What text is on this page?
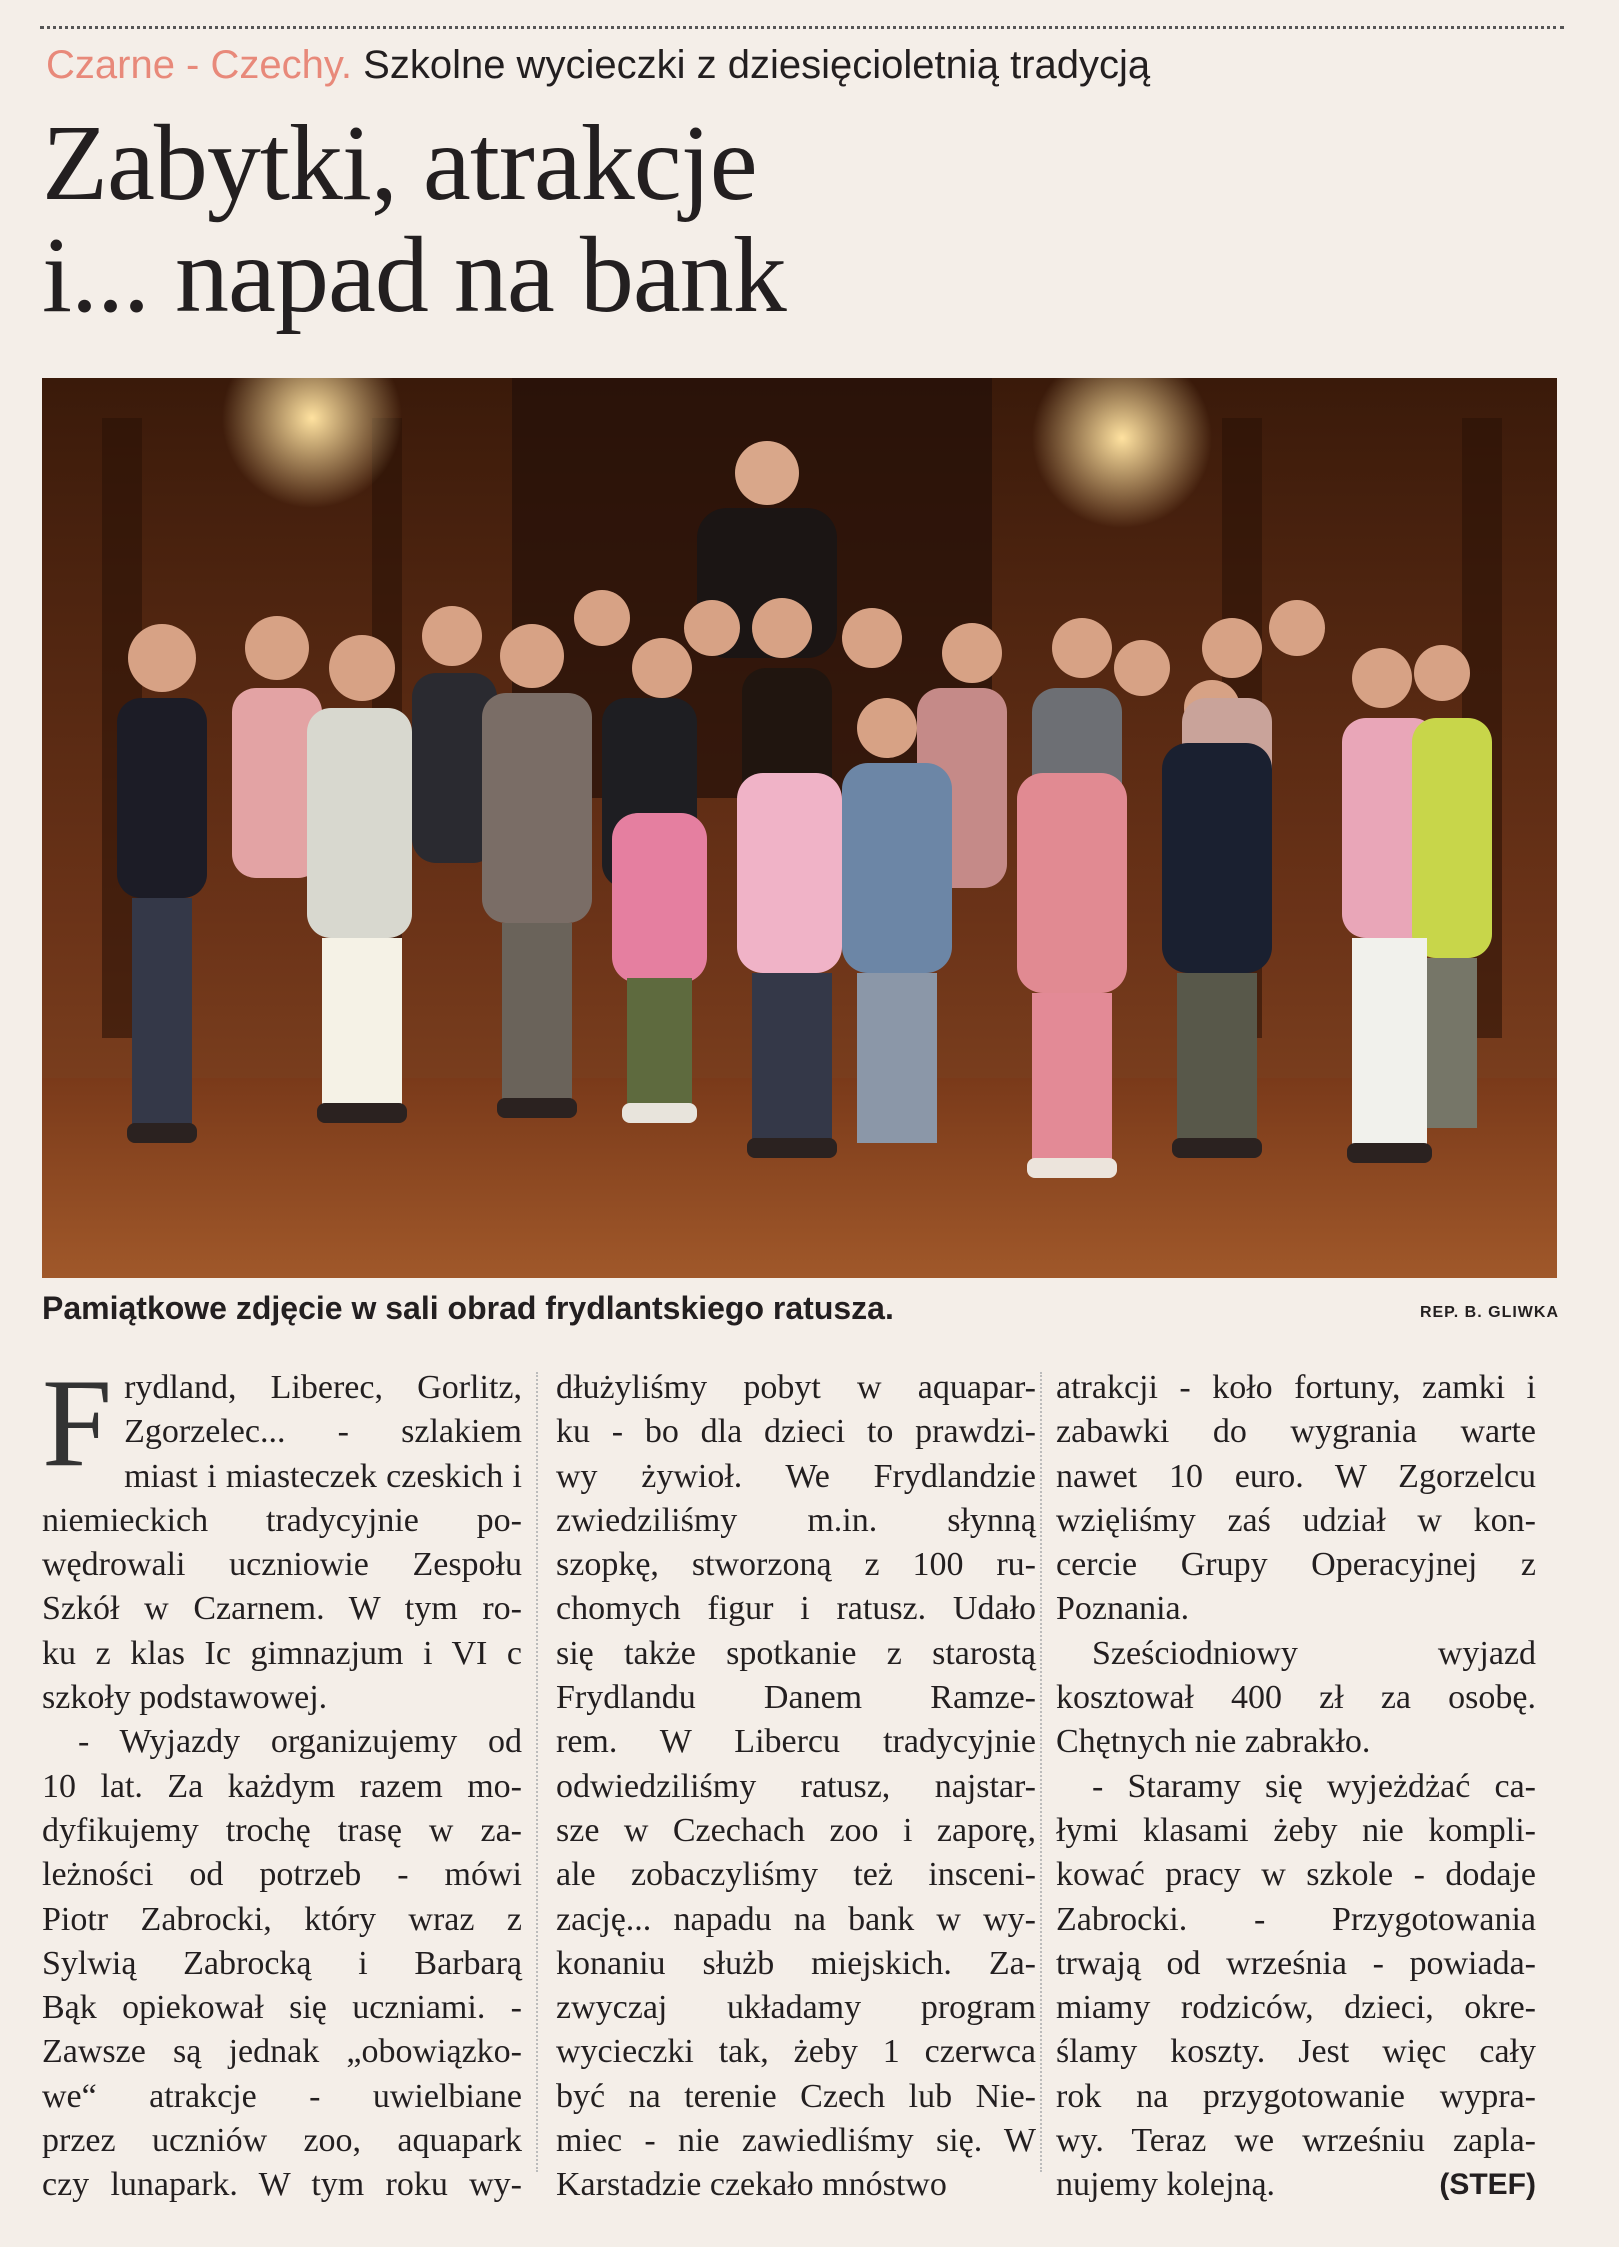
Czarne - Czechy. Szkolne wycieczki z dziesięcioletnią tradycją
Zabytki, atrakcje
i... napad na bank
Pamiątkowe zdjęcie w sali obrad frydlantskiego ratusza.	REP. B. GLIWKA
F rydland, Liberec, Gorlitz,

Zgorzelec... - szlakiem

miast i miasteczek czeskich i

niemieckich tradycyjnie po-

wędrowali uczniowie Zespołu

Szkół w Czarnem. W tym ro-

ku z klas Ic gimnazjum i VI c

szkoły podstawowej.

- Wyjazdy organizujemy od

10 lat. Za każdym razem mo-

dyfikujemy trochę trasę w za-

leżności od potrzeb - mówi

Piotr Zabrocki, który wraz z

Sylwią Zabrocką i Barbarą

Bąk opiekował się uczniami. -

Zawsze są jednak „obowiązko-

we“ atrakcje - uwielbiane

przez uczniów zoo, aquapark

czy lunapark. W tym roku wy-

dłużyliśmy pobyt w aquapar-

ku - bo dla dzieci to prawdzi-

wy żywioł. We Frydlandzie

zwiedziliśmy m.in. słynną

szopkę, stworzoną z 100 ru-

chomych figur i ratusz. Udało

się także spotkanie z starostą

Frydlandu Danem Ramze-

rem. W Libercu tradycyjnie

odwiedziliśmy ratusz, najstar-

sze w Czechach zoo i zaporę,

ale zobaczyliśmy też insceni-

zację... napadu na bank w wy-

konaniu służb miejskich. Za-

zwyczaj układamy program

wycieczki tak, żeby 1 czerwca

być na terenie Czech lub Nie-

miec - nie zawiedliśmy się. W

Karstadzie czekało mnóstwo

atrakcji - koło fortuny, zamki i

zabawki do wygrania warte

nawet 10 euro. W Zgorzelcu

wzięliśmy zaś udział w kon-

cercie Grupy Operacyjnej z

Poznania.

Sześciodniowy wyjazd

kosztował 400 zł za osobę.

Chętnych nie zabrakło.

- Staramy się wyjeżdżać ca-

łymi klasami żeby nie kompli-

kować pracy w szkole - dodaje

Zabrocki. - Przygotowania

trwają od września - powiada-

miamy rodziców, dzieci, okre-

ślamy koszty. Jest więc cały

rok na przygotowanie wypra-

wy. Teraz we wrześniu zapla-

nujemy kolejną.	(STEF)
